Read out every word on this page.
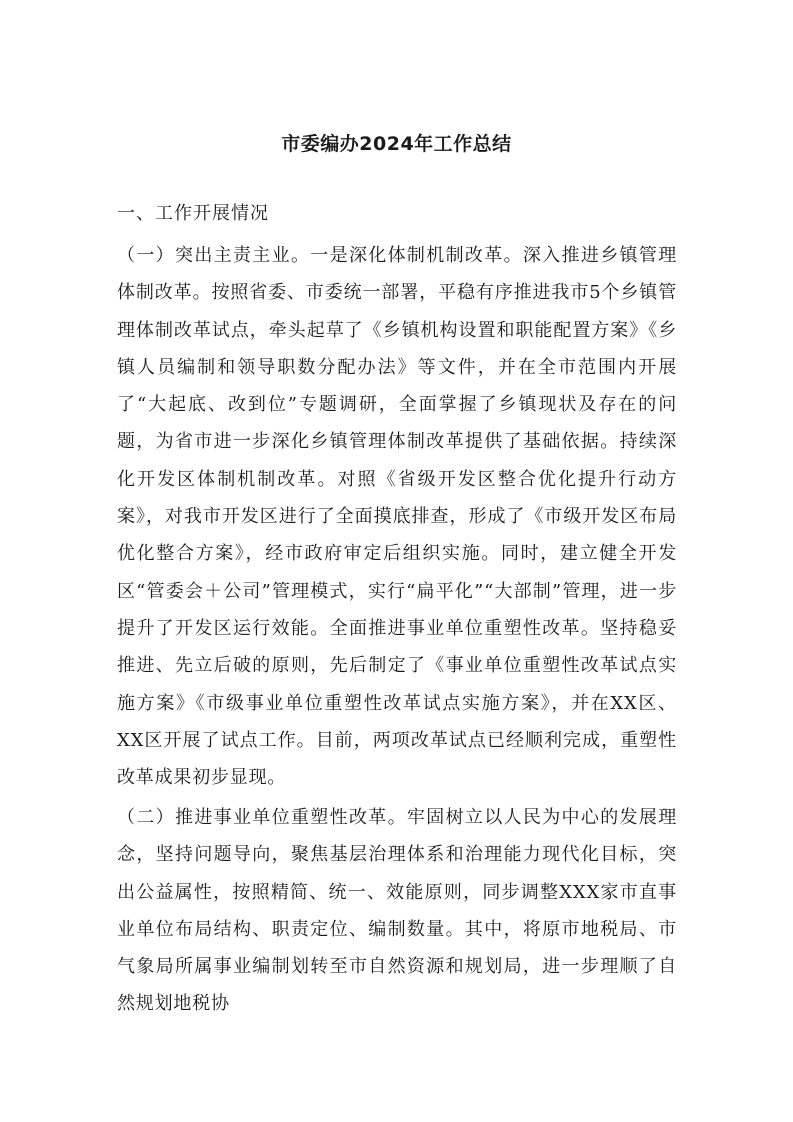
市委编办2024年工作总结
一、工作开展情况
（一）突出主责主业。一是深化体制机制改革。深入推进乡镇管理体制改革。按照省委、市委统一部署，平稳有序推进我市5个乡镇管理体制改革试点，牵头起草了《乡镇机构设置和职能配置方案》《乡镇人员编制和领导职数分配办法》等文件，并在全市范围内开展了“大起底、改到位”专题调研，全面掌握了乡镇现状及存在的问题，为省市进一步深化乡镇管理体制改革提供了基础依据。持续深化开发区体制机制改革。对照《省级开发区整合优化提升行动方案》，对我市开发区进行了全面摸底排查，形成了《市级开发区布局优化整合方案》，经市政府审定后组织实施。同时，建立健全开发区“管委会＋公司”管理模式，实行“扁平化”“大部制”管理，进一步提升了开发区运行效能。全面推进事业单位重塑性改革。坚持稳妥推进、先立后破的原则，先后制定了《事业单位重塑性改革试点实施方案》《市级事业单位重塑性改革试点实施方案》，并在XX区、XX区开展了试点工作。目前，两项改革试点已经顺利完成，重塑性改革成果初步显现。
（二）推进事业单位重塑性改革。牢固树立以人民为中心的发展理念，坚持问题导向，聚焦基层治理体系和治理能力现代化目标，突出公益属性，按照精简、统一、效能原则，同步调整XXX家市直事业单位布局结构、职责定位、编制数量。其中，将原市地税局、市气象局所属事业编制划转至市自然资源和规划局，进一步理顺了自然规划地税协
